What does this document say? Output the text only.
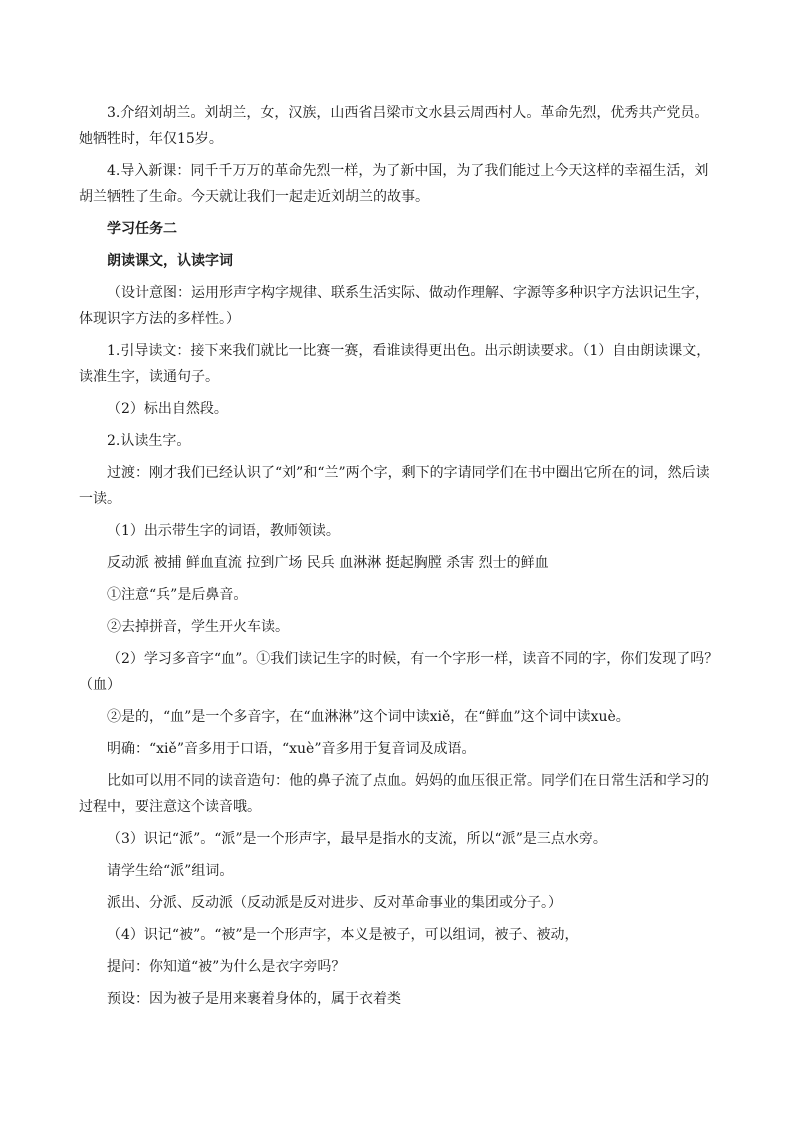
3.介绍刘胡兰。刘胡兰，女，汉族，山西省吕梁市文水县云周西村人。革命先烈，优秀共产党员。她牺牲时，年仅15岁。

4.导入新课：同千千万万的革命先烈一样，为了新中国，为了我们能过上今天这样的幸福生活，刘胡兰牺牲了生命。今天就让我们一起走近刘胡兰的故事。

学习任务二

朗读课文，认读字词

（设计意图：运用形声字构字规律、联系生活实际、做动作理解、字源等多种识字方法识记生字，体现识字方法的多样性。）

1.引导读文：接下来我们就比一比赛一赛，看谁读得更出色。出示朗读要求。（1）自由朗读课文，读准生字，读通句子。

（2）标出自然段。

2.认读生字。

过渡：刚才我们已经认识了“刘”和“兰”两个字，剩下的字请同学们在书中圈出它所在的词，然后读一读。

（1）出示带生字的词语，教师领读。

反动派 被捕 鲜血直流 拉到广场 民兵 血淋淋 挺起胸膛 杀害 烈士的鲜血

①注意“兵”是后鼻音。

②去掉拼音，学生开火车读。

（2）学习多音字“血”。①我们读记生字的时候，有一个字形一样，读音不同的字，你们发现了吗？（血）

②是的，“血”是一个多音字，在“血淋淋”这个词中读xiě，在“鲜血”这个词中读xuè。

明确：“xiě”音多用于口语，“xuè”音多用于复音词及成语。

比如可以用不同的读音造句：他的鼻子流了点血。妈妈的血压很正常。同学们在日常生活和学习的过程中，要注意这个读音哦。

（3）识记“派”。“派”是一个形声字，最早是指水的支流，所以“派”是三点水旁。

请学生给“派”组词。

派出、分派、反动派（反动派是反对进步、反对革命事业的集团或分子。）

（4）识记“被”。“被”是一个形声字，本义是被子，可以组词，被子、被动，

提问：你知道“被”为什么是衣字旁吗？

预设：因为被子是用来裹着身体的，属于衣着类
